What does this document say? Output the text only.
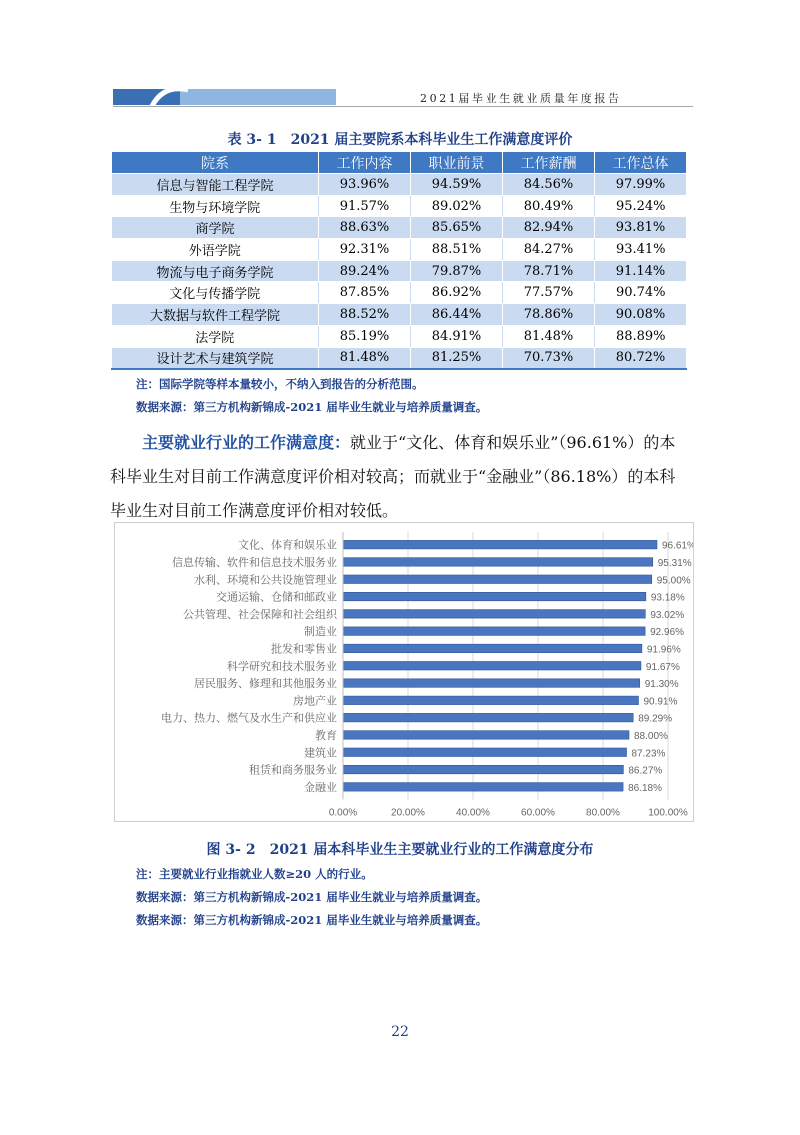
2021届毕业生就业质量年度报告
表 3- 1　2021 届主要院系本科毕业生工作满意度评价
院系	工作内容	职业前景	工作薪酬	工作总体
信息与智能工程学院	93.96%	94.59%	84.56%	97.99%
生物与环境学院	91.57%	89.02%	80.49%	95.24%
商学院	88.63%	85.65%	82.94%	93.81%
外语学院	92.31%	88.51%	84.27%	93.41%
物流与电子商务学院	89.24%	79.87%	78.71%	91.14%
文化与传播学院	87.85%	86.92%	77.57%	90.74%
大数据与软件工程学院	88.52%	86.44%	78.86%	90.08%
法学院	85.19%	84.91%	81.48%	88.89%
设计艺术与建筑学院	81.48%	81.25%	70.73%	80.72%
注：国际学院等样本量较小，不纳入到报告的分析范围。
数据来源：第三方机构新锦成-2021 届毕业生就业与培养质量调查。
主要就业行业的工作满意度：就业于“文化、体育和娱乐业”（96.61%）的本
科毕业生对目前工作满意度评价相对较高；而就业于“金融业”（86.18%）的本科
毕业生对目前工作满意度评价相对较低。
0.00%	20.00%	40.00%	60.00%	80.00%	100.00%
文化、体育和娱乐业	96.61%
信息传输、软件和信息技术服务业	95.31%
水利、环境和公共设施管理业	95.00%
交通运输、仓储和邮政业	93.18%
公共管理、社会保障和社会组织	93.02%
制造业	92.96%
批发和零售业	91.96%
科学研究和技术服务业	91.67%
居民服务、修理和其他服务业	91.30%
房地产业	90.91%
电力、热力、燃气及水生产和供应业	89.29%
教育	88.00%
建筑业	87.23%
租赁和商务服务业	86.27%
金融业	86.18%
图 3- 2　2021 届本科毕业生主要就业行业的工作满意度分布
注：主要就业行业指就业人数≥20 人的行业。
数据来源：第三方机构新锦成-2021 届毕业生就业与培养质量调查。
数据来源：第三方机构新锦成-2021 届毕业生就业与培养质量调查。
22
